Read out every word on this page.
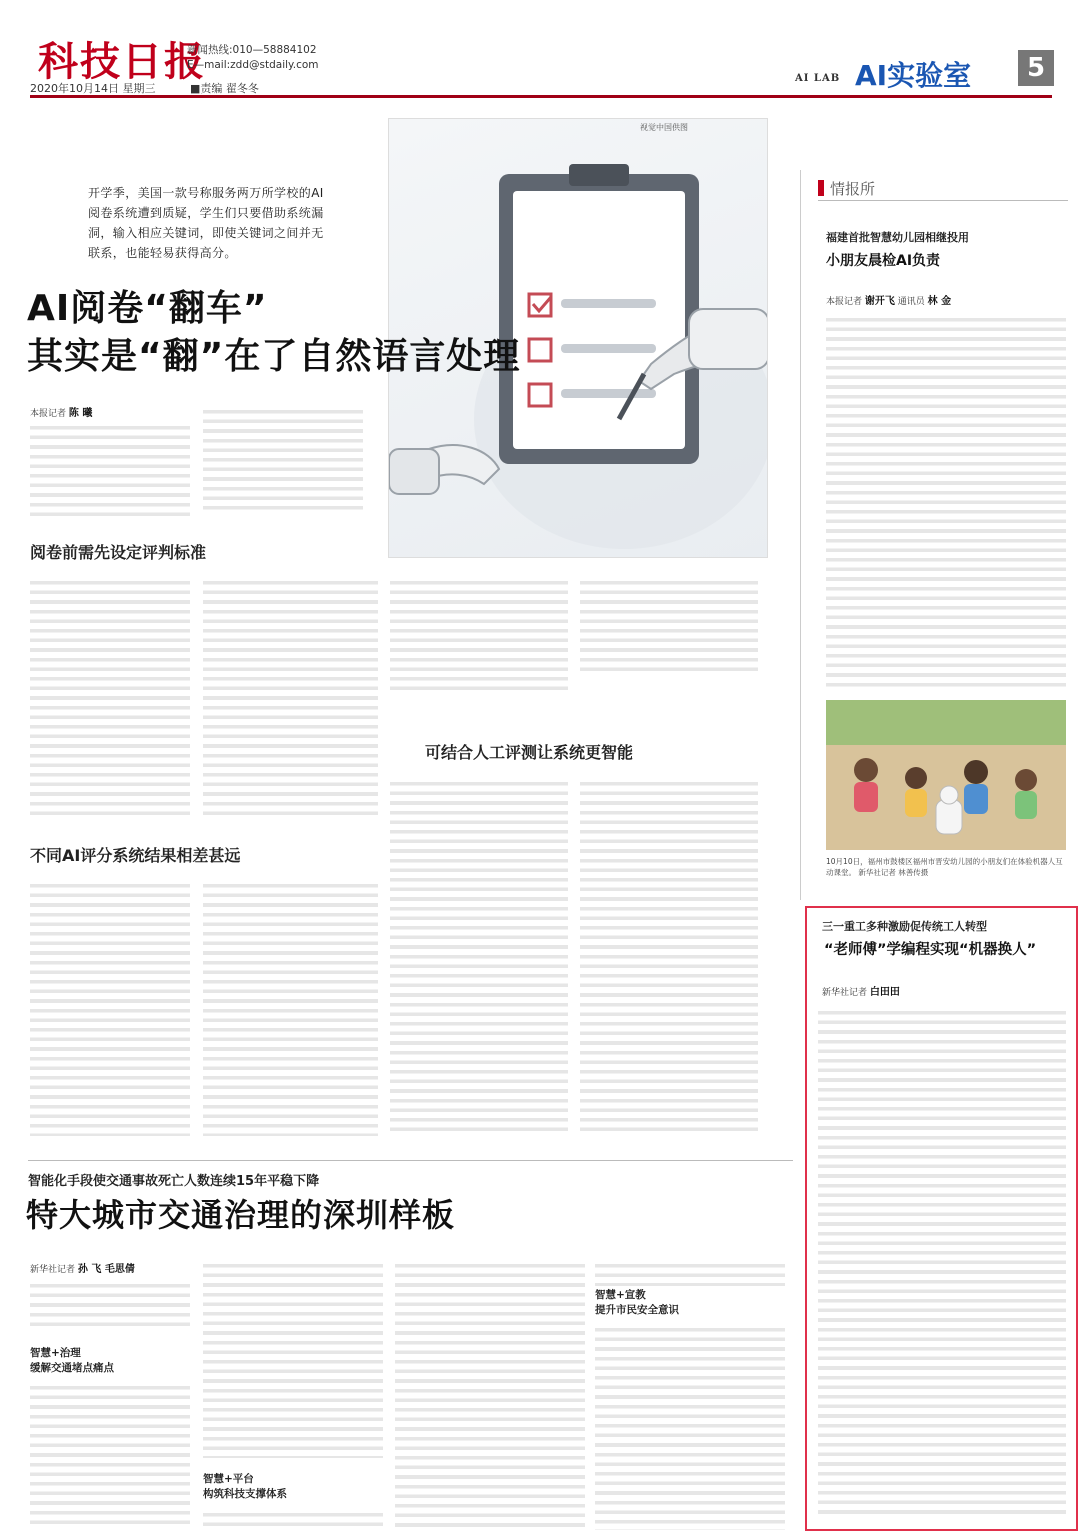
科技日报
新闻热线:010—58884102
E—mail:zdd@stdaily.com
2020年10月14日 星期三	■责编 翟冬冬
AI LAB AI实验室	5
视觉中国供图
开学季，美国一款号称服务两万所学校的AI阅卷系统遭到质疑，学生们只要借助系统漏洞，输入相应关键词，即使关键词之间并无联系，也能轻易获得高分。
AI阅卷“翻车”
其实是“翻”在了自然语言处理
本报记者 陈 曦
阅卷前需先设定评判标准
可结合人工评测让系统更智能
不同AI评分系统结果相差甚远
情报所
福建首批智慧幼儿园相继投用
小朋友晨检AI负责
本报记者 谢开飞 通讯员 林 金
10月10日，福州市鼓楼区福州市晋安幼儿园的小朋友们在体验机器人互动课堂。 新华社记者 林善传摄
三一重工多种激励促传统工人转型
“老师傅”学编程实现“机器换人”
新华社记者 白田田
智能化手段使交通事故死亡人数连续15年平稳下降
特大城市交通治理的深圳样板
新华社记者 孙 飞 毛思倩
智慧+治理
缓解交通堵点痛点
智慧+平台
构筑科技支撑体系
智慧+宣教
提升市民安全意识
